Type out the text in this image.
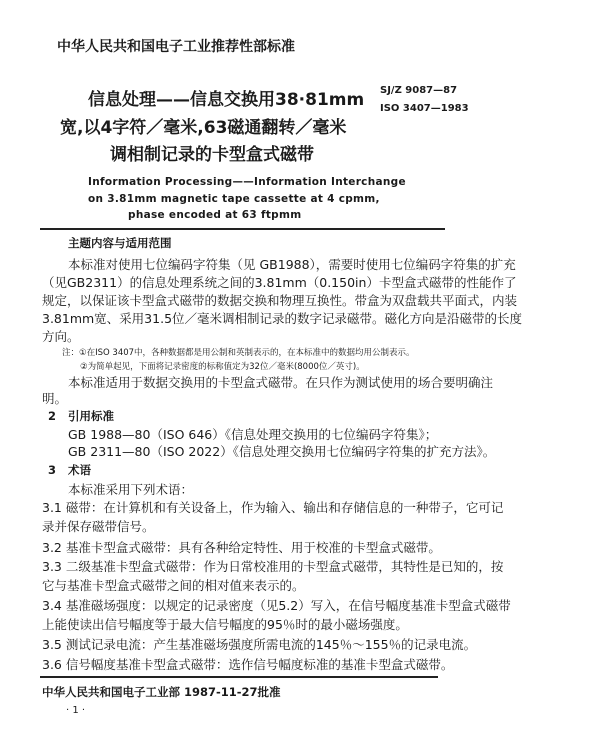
中华人民共和国电子工业推荐性部标准
SJ/Z 9087—87
ISO 3407—1983
信息处理——信息交换用38·81mm
宽,以4字符／毫米,63磁通翻转／毫米
调相制记录的卡型盒式磁带
Information Processing——Information Interchange
on 3.81mm magnetic tape cassette at 4 cpmm,
phase encoded at 63 ftpmm
主题内容与适用范围
本标准对使用七位编码字符集（见 GB1988），需要时使用七位编码字符集的扩充
（见GB2311）的信息处理系统之间的3.81mm（0.150in）卡型盒式磁带的性能作了
规定，以保证该卡型盒式磁带的数据交换和物理互换性。带盒为双盘载共平面式，内装
3.81mm宽、采用31.5位／毫米调相制记录的数字记录磁带。磁化方向是沿磁带的长度
方向。
注：①在ISO 3407中，各种数据都是用公制和英制表示的，在本标准中的数据均用公制表示。
②为简单起见，下面将记录密度的标称值定为32位／毫米(8000位／英寸)。
本标准适用于数据交换用的卡型盒式磁带。在只作为测试使用的场合要明确注
明。
2 引用标准
GB 1988—80（ISO 646）《信息处理交换用的七位编码字符集》；
GB 2311—80（ISO 2022）《信息处理交换用七位编码字符集的扩充方法》。
3 术语
本标准采用下列术语：
3.1 磁带：在计算机和有关设备上，作为输入、输出和存储信息的一种带子，它可记
录并保存磁带信号。
3.2 基准卡型盒式磁带：具有各种给定特性、用于校准的卡型盒式磁带。
3.3 二级基准卡型盒式磁带：作为日常校准用的卡型盒式磁带，其特性是已知的，按
它与基准卡型盒式磁带之间的相对值来表示的。
3.4 基准磁场强度：以规定的记录密度（见5.2）写入，在信号幅度基准卡型盒式磁带
上能使读出信号幅度等于最大信号幅度的95％时的最小磁场强度。
3.5 测试记录电流：产生基准磁场强度所需电流的145％～155％的记录电流。
3.6 信号幅度基准卡型盒式磁带：选作信号幅度标准的基准卡型盒式磁带。
中华人民共和国电子工业部 1987-11-27批准
· 1 ·
